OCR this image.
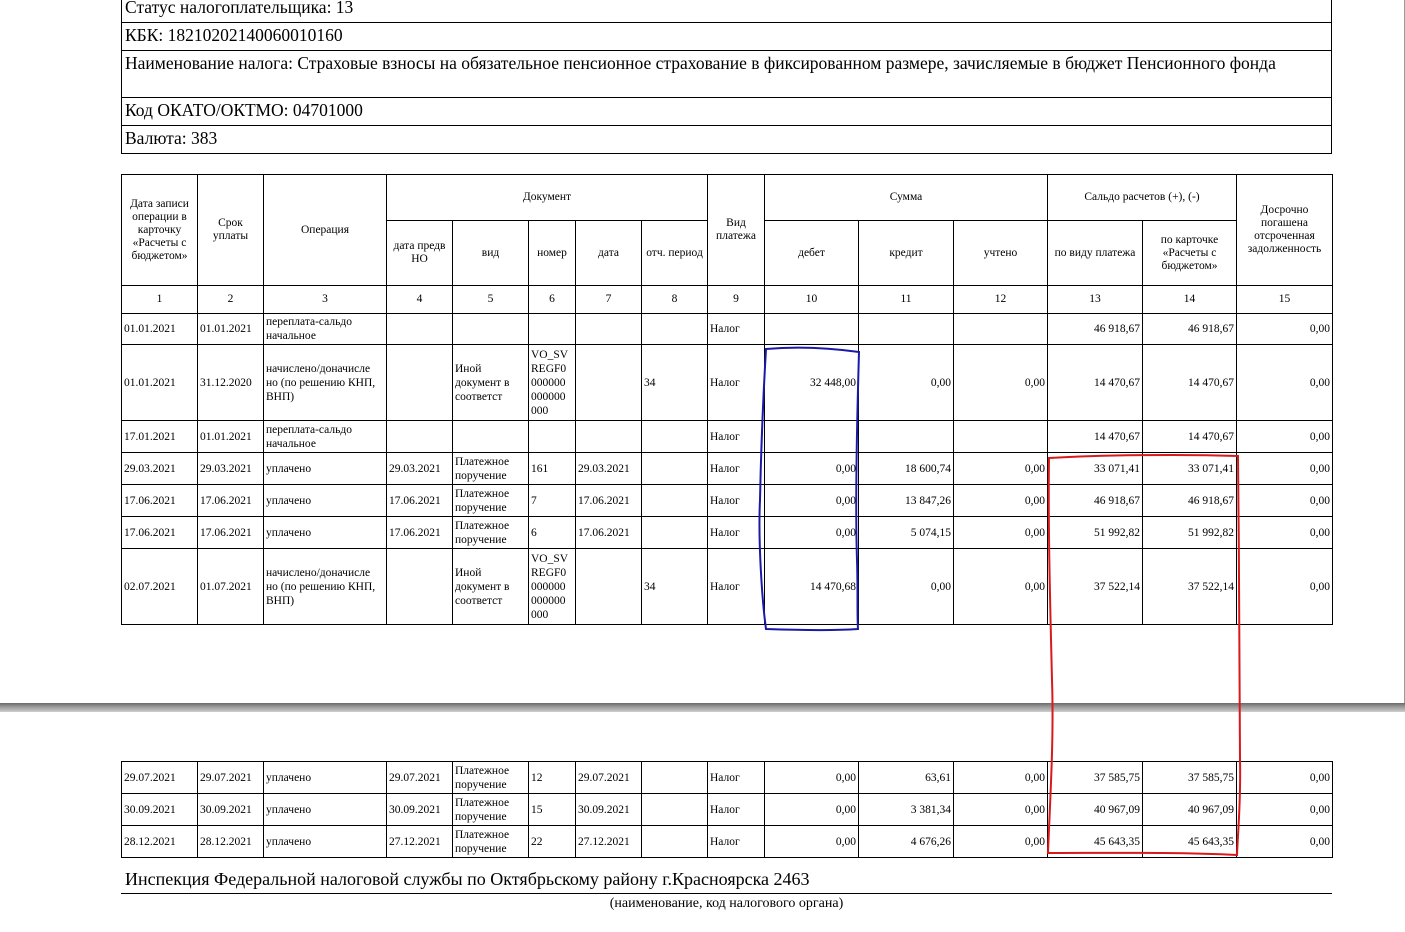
Статус налогоплательщика: 13
КБК: 18210202140060010160
Наименование налога: Страховые взносы на обязательное пенсионное страхование в фиксированном размере, зачисляемые в бюджет Пенсионного фонда
Код ОКАТО/ОКТМО: 04701000
Валюта: 383
Дата записи операции в карточку «Расчеты с бюджетом»	Срок уплаты	Операция	Документ					Вид платежа	Сумма			Сальдо расчетов (+), (-)		Досрочно погашена отсроченная задолженность
			дата предв НО	вид	номер	дата	отч. период		дебет	кредит	учтено	по виду платежа	по карточке «Расчеты с бюджетом»	
1	2	3	4	5	6	7	8	9	10	11	12	13	14	15
01.01.2021	01.01.2021	переплата-сальдо начальное						Налог				46 918,67	46 918,67	0,00
01.01.2021	31.12.2020	начислено/доначисле но (по решению КНП, ВНП)		Иной документ в соответст	VO_SV REGF0 000000 000000 000		34	Налог	32 448,00	0,00	0,00	14 470,67	14 470,67	0,00
17.01.2021	01.01.2021	переплата-сальдо начальное						Налог				14 470,67	14 470,67	0,00
29.03.2021	29.03.2021	уплачено	29.03.2021	Платежное поручение	161	29.03.2021		Налог	0,00	18 600,74	0,00	33 071,41	33 071,41	0,00
17.06.2021	17.06.2021	уплачено	17.06.2021	Платежное поручение	7	17.06.2021		Налог	0,00	13 847,26	0,00	46 918,67	46 918,67	0,00
17.06.2021	17.06.2021	уплачено	17.06.2021	Платежное поручение	6	17.06.2021		Налог	0,00	5 074,15	0,00	51 992,82	51 992,82	0,00
02.07.2021	01.07.2021	начислено/доначисле но (по решению КНП, ВНП)		Иной документ в соответст	VO_SV REGF0 000000 000000 000		34	Налог	14 470,68	0,00	0,00	37 522,14	37 522,14	0,00
29.07.2021	29.07.2021	уплачено	29.07.2021	Платежное поручение	12	29.07.2021		Налог	0,00	63,61	0,00	37 585,75	37 585,75	0,00
30.09.2021	30.09.2021	уплачено	30.09.2021	Платежное поручение	15	30.09.2021		Налог	0,00	3 381,34	0,00	40 967,09	40 967,09	0,00
28.12.2021	28.12.2021	уплачено	27.12.2021	Платежное поручение	22	27.12.2021		Налог	0,00	4 676,26	0,00	45 643,35	45 643,35	0,00
Инспекция Федеральной налоговой службы по Октябрьскому району г.Красноярска 2463
(наименование, код налогового органа)
